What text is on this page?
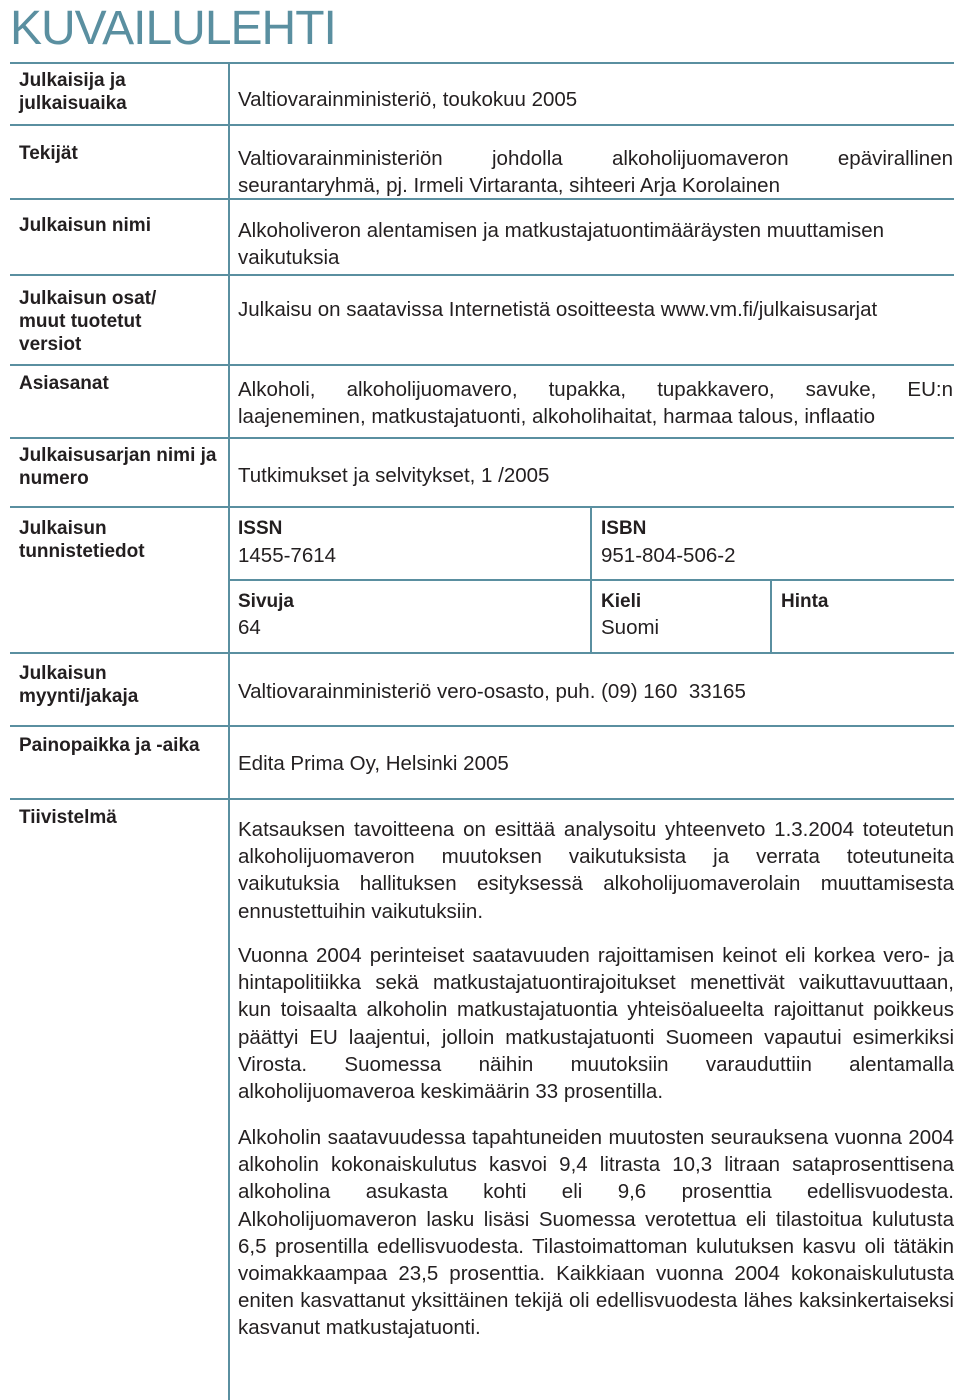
KUVAILULEHTI
Julkaisija ja julkaisuaika
Tekijät
Julkaisun nimi
Julkaisun osat/ muut tuotetut versiot
Asiasanat
Julkaisusarjan nimi ja numero
Julkaisun tunnistetiedot
Julkaisun myynti/jakaja
Painopaikka ja -aika
Tiivistelmä
Valtiovarainministeriö, toukokuu 2005
Valtiovarainministeriön johdolla alkoholijuomaveron epävirallinen seurantaryhmä, pj. Irmeli Virtaranta, sihteeri Arja Korolainen
Alkoholiveron alentamisen ja matkustajatuontimääräysten muuttamisen vaikutuksia
Julkaisu on saatavissa Internetistä osoitteesta www.vm.fi/julkaisusarjat
Alkoholi, alkoholijuomavero, tupakka, tupakkavero, savuke, EU:n laajeneminen, matkustajatuonti, alkoholihaitat, harmaa talous, inflaatio
Tutkimukset ja selvitykset, 1 /2005
ISSN
1455-7614
ISBN
951-804-506-2
Sivuja
64
Kieli
Suomi
Hinta
Valtiovarainministeriö vero-osasto, puh. (09) 160  33165
Edita Prima Oy, Helsinki 2005
Katsauksen tavoitteena on esittää analysoitu yhteenveto 1.3.2004 toteutetun alkoholijuomaveron muutoksen vaikutuksista ja verrata toteutuneita vaikutuksia hallituksen esityksessä alkoholijuomaverolain muuttamisesta ennustettuihin vaikutuksiin.
Vuonna 2004 perinteiset saatavuuden rajoittamisen keinot eli korkea vero- ja hintapolitiikka sekä matkustajatuontirajoitukset menettivät vaikuttavuuttaan, kun toisaalta alkoholin matkustajatuontia yhteisöalueelta rajoittanut poikkeus päättyi EU laajentui, jolloin matkustajatuonti Suomeen vapautui esimerkiksi Virosta. Suomessa näihin muutoksiin varauduttiin alentamalla alkoholijuomaveroa keskimäärin 33 prosentilla.
Alkoholin saatavuudessa tapahtuneiden muutosten seurauksena vuonna 2004 alkoholin kokonaiskulutus kasvoi 9,4 litrasta 10,3 litraan sataprosenttisena alkoholina asukasta kohti eli 9,6 prosenttia edellisvuodesta. Alkoholijuomaveron lasku lisäsi Suomessa verotettua eli tilastoitua kulutusta 6,5 prosentilla edellisvuodesta. Tilastoimattoman kulutuksen kasvu oli tätäkin voimakkaampaa 23,5 prosenttia. Kaikkiaan vuonna 2004 kokonaiskulutusta eniten kasvattanut yksittäinen tekijä oli edellisvuodesta lähes kaksinkertaiseksi kasvanut matkustajatuonti.
